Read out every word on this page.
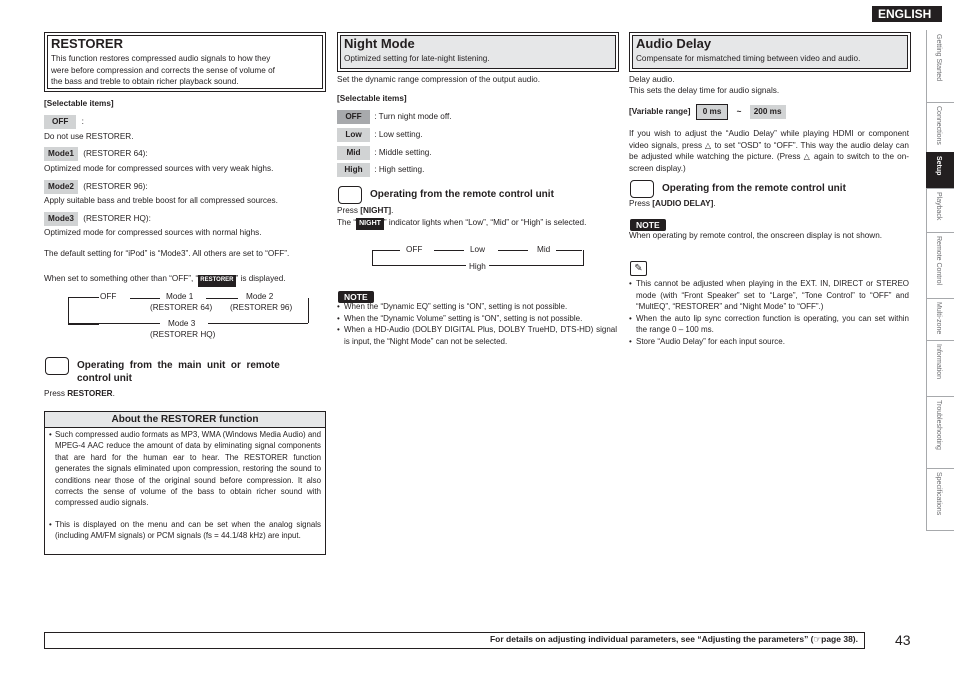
ENGLISH
Getting Started
Connections
Setup
Playback
Remote Control
Multi-zone
Information
Troubleshooting
Specifications
RESTORER
This function restores compressed audio signals to how they
were before compression and corrects the sense of volume of
the bass and treble to obtain richer playback sound.
[Selectable items]
OFF :
Do not use RESTORER.
Mode1 (RESTORER 64):
Optimized mode for compressed sources with very weak highs.
Mode2 (RESTORER 96):
Apply suitable bass and treble boost for all compressed sources.
Mode3 (RESTORER HQ):
Optimized mode for compressed sources with normal highs.
The default setting for “iPod” is “Mode3”. All others are set to “OFF”.
When set to something other than “OFF”, “ RESTORER ” is displayed.
OFF	Mode 1
(RESTORER 64)
Mode 2
(RESTORER 96)
Mode 3
(RESTORER HQ)
Operating  from  the  main  unit  or  remote
control unit
Press RESTORER.
About the RESTORER function
• Such compressed audio formats as MP3, WMA (Windows Media Audio) and MPEG-4 AAC reduce the amount of data by eliminating signal components that are hard for the human ear to hear. The RESTORER function generates the signals eliminated upon compression, restoring the sound to conditions near those of the original sound before compression. It also corrects the sense of volume of the bass to obtain richer sound with compressed audio signals.
• This is displayed on the menu and can be set when the analog signals (including AM/FM signals) or PCM signals (fs = 44.1/48 kHz) are input.
Night Mode
Optimized setting for late-night listening.
Set the dynamic range compression of the output audio.
[Selectable items]
OFF : Turn night mode off.
Low : Low setting.
Mid : Middle setting.
High : High setting.
Operating from the remote control unit
Press [NIGHT].
The “ NIGHT ” indicator lights when “Low”, “Mid” or “High” is selected.
OFF	Low	Mid
High
NOTE
• When the “Dynamic EQ” setting is “ON”, setting is not possible.
• When the “Dynamic Volume” setting is “ON”, setting is not possible.
• When a HD-Audio (DOLBY DIGITAL Plus, DOLBY TrueHD, DTS-HD) signal is input, the “Night Mode” can not be selected.
Audio Delay
Compensate for mismatched timing between video and audio.
Delay audio.
This sets the delay time for audio signals.
[Variable range] 0 ms ~ 200 ms
If you wish to adjust the “Audio Delay” while playing HDMI or component video signals, press △ to set “OSD” to “OFF”. This way the audio delay can be adjusted while watching the picture. (Press △ again to switch to the on-screen display.)
Operating from the remote control unit
Press [AUDIO DELAY].
NOTE
When operating by remote control, the onscreen display is not shown.
✎
• This cannot be adjusted when playing in the EXT. IN, DIRECT or STEREO mode (with “Front Speaker” set to “Large”, “Tone Control” to “OFF” and “MultEQ”, “RESTORER” and “Night Mode” to “OFF”.)
• When the auto lip sync correction function is operating, you can set within the range 0 – 100 ms.
• Store “Audio Delay” for each input source.
For details on adjusting individual parameters, see “Adjusting the parameters” (☞page 38).	43
